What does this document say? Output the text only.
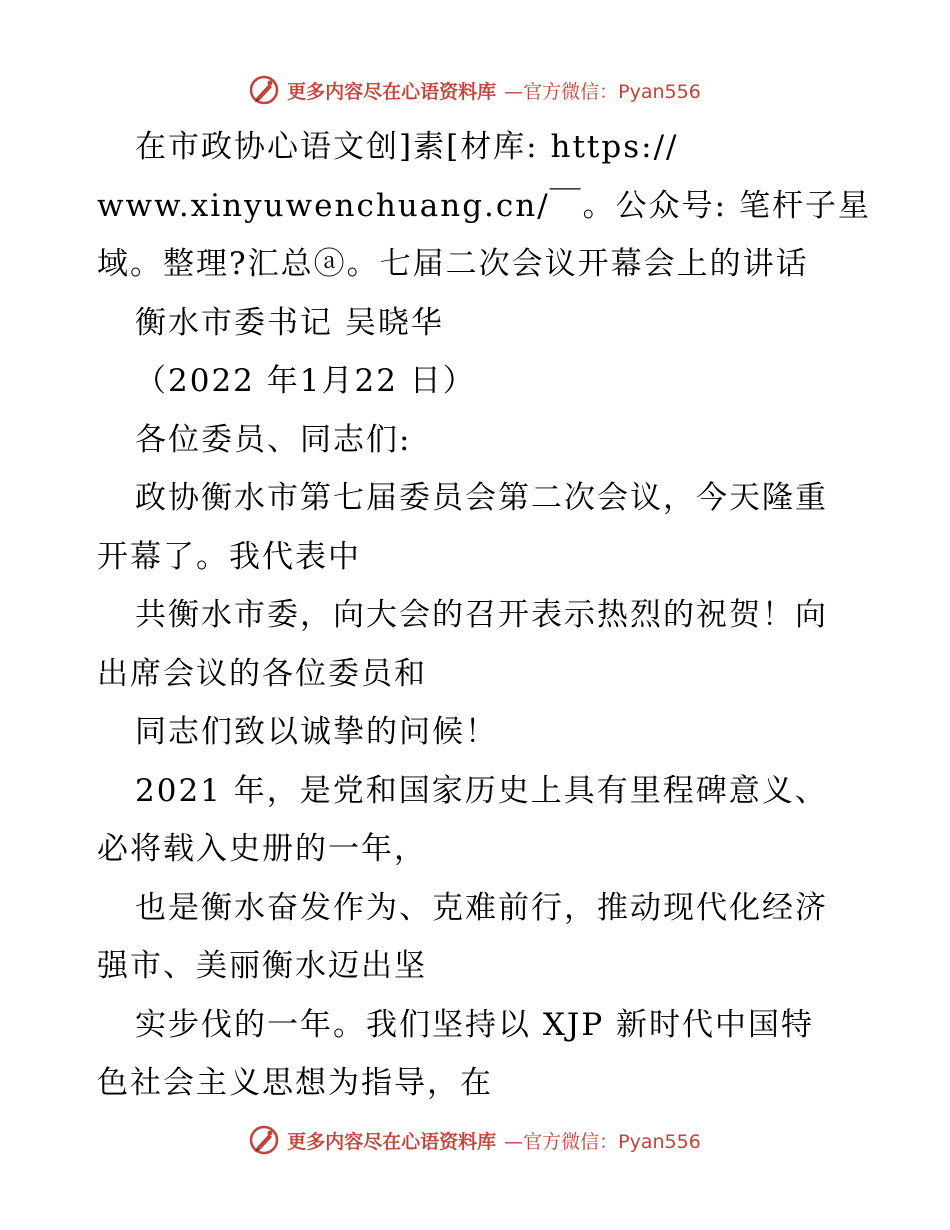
更多内容尽在心语资料库 —官方微信：Pyan556
在市政协心语文创]素[材库: https://
www.xinyuwenchuang.cn/￣。公众号: 笔杆子星
域。整理?汇总ⓐ。七届二次会议开幕会上的讲话
衡水市委书记 吴晓华
（2022 年1月22 日）
各位委员、同志们:
政协衡水市第七届委员会第二次会议，今天隆重
开幕了。我代表中
共衡水市委，向大会的召开表示热烈的祝贺！向
出席会议的各位委员和
同志们致以诚挚的问候！
2021 年，是党和国家历史上具有里程碑意义、
必将载入史册的一年，
也是衡水奋发作为、克难前行，推动现代化经济
强市、美丽衡水迈出坚
实步伐的一年。我们坚持以 XJP 新时代中国特
色社会主义思想为指导，在
更多内容尽在心语资料库 —官方微信：Pyan556
